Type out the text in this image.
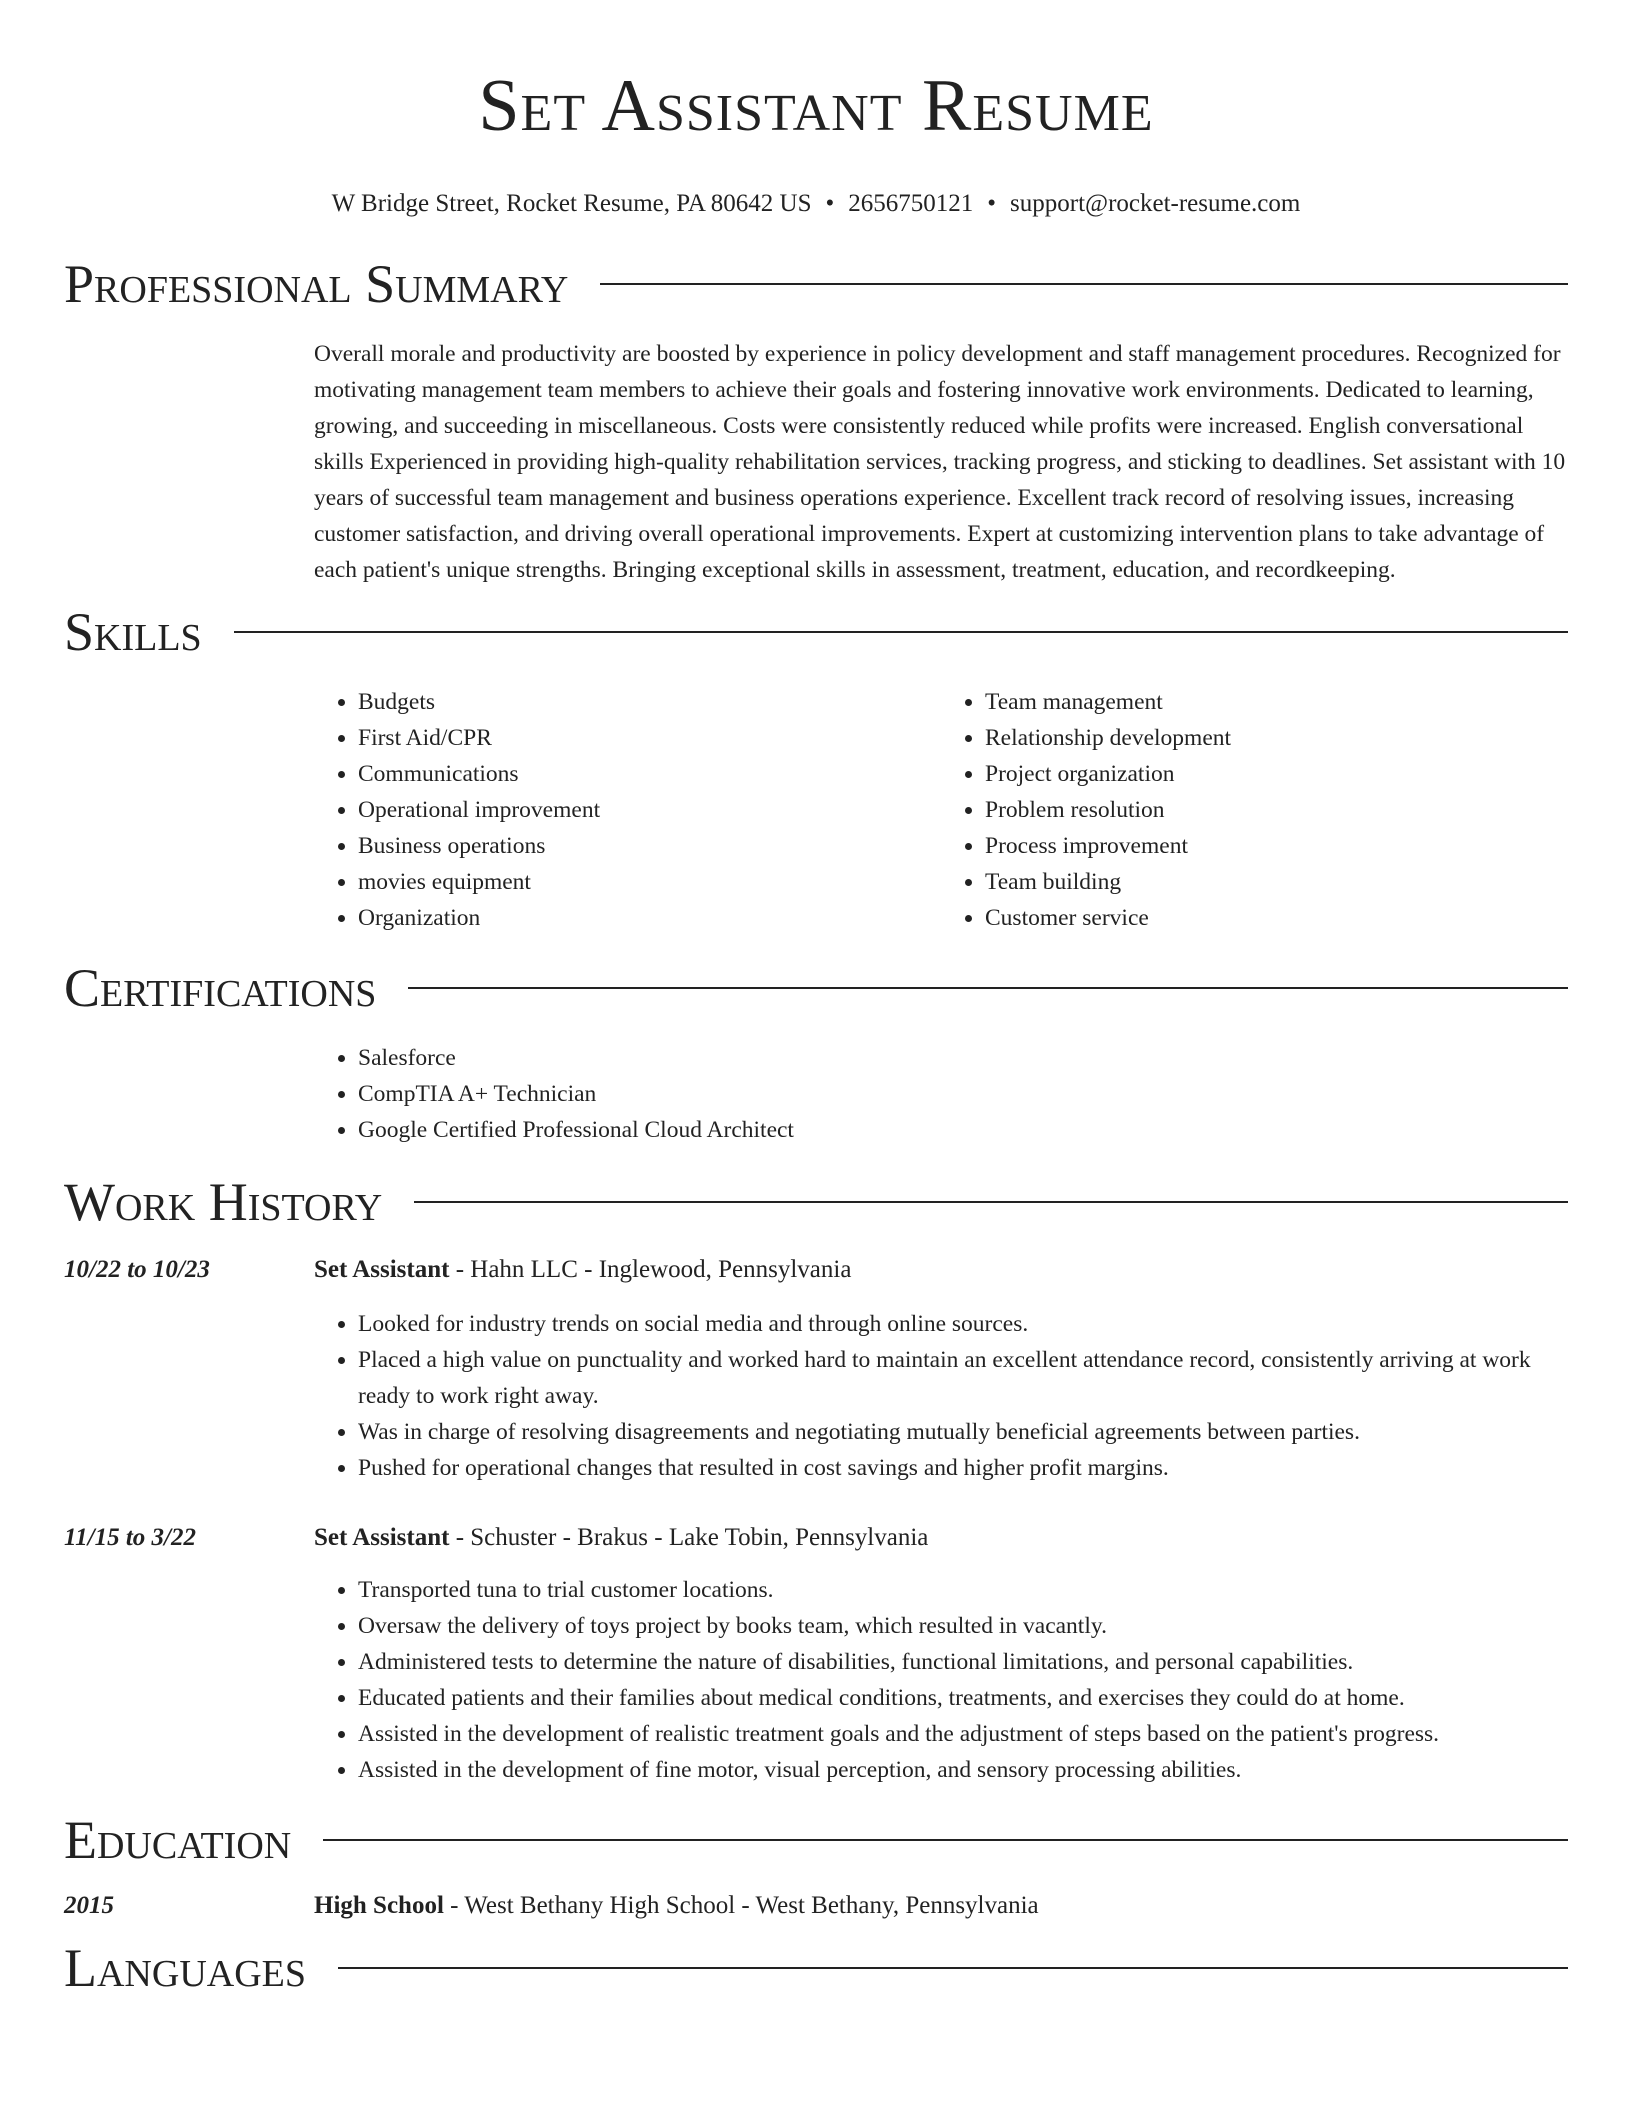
Set Assistant Resume
W Bridge Street, Rocket Resume, PA 80642 US • 2656750121 • support@rocket-resume.com
Professional Summary

Overall morale and productivity are boosted by experience in policy development and staff management procedures. Recognized for motivating management team members to achieve their goals and fostering innovative work environments. Dedicated to learning, growing, and succeeding in miscellaneous. Costs were consistently reduced while profits were increased. English conversational skills Experienced in providing high-quality rehabilitation services, tracking progress, and sticking to deadlines. Set assistant with 10 years of successful team management and business operations experience. Excellent track record of resolving issues, increasing customer satisfaction, and driving overall operational improvements. Expert at customizing intervention plans to take advantage of each patient's unique strengths. Bringing exceptional skills in assessment, treatment, education, and recordkeeping.

Skills
• Budgets
• First Aid/CPR
• Communications
• Operational improvement
• Business operations
• movies equipment
• Organization
• Team management
• Relationship development
• Project organization
• Problem resolution
• Process improvement
• Team building
• Customer service
Certifications
• Salesforce
• CompTIA A+ Technician
• Google Certified Professional Cloud Architect
Work History
10/22 to 10/23	Set Assistant - Hahn LLC - Inglewood, Pennsylvania
• Looked for industry trends on social media and through online sources.
• Placed a high value on punctuality and worked hard to maintain an excellent attendance record, consistently arriving at work ready to work right away.
• Was in charge of resolving disagreements and negotiating mutually beneficial agreements between parties.
• Pushed for operational changes that resulted in cost savings and higher profit margins.
11/15 to 3/22	Set Assistant - Schuster - Brakus - Lake Tobin, Pennsylvania
• Transported tuna to trial customer locations.
• Oversaw the delivery of toys project by books team, which resulted in vacantly.
• Administered tests to determine the nature of disabilities, functional limitations, and personal capabilities.
• Educated patients and their families about medical conditions, treatments, and exercises they could do at home.
• Assisted in the development of realistic treatment goals and the adjustment of steps based on the patient's progress.
• Assisted in the development of fine motor, visual perception, and sensory processing abilities.
Education
2015	High School - West Bethany High School - West Bethany, Pennsylvania
Languages
